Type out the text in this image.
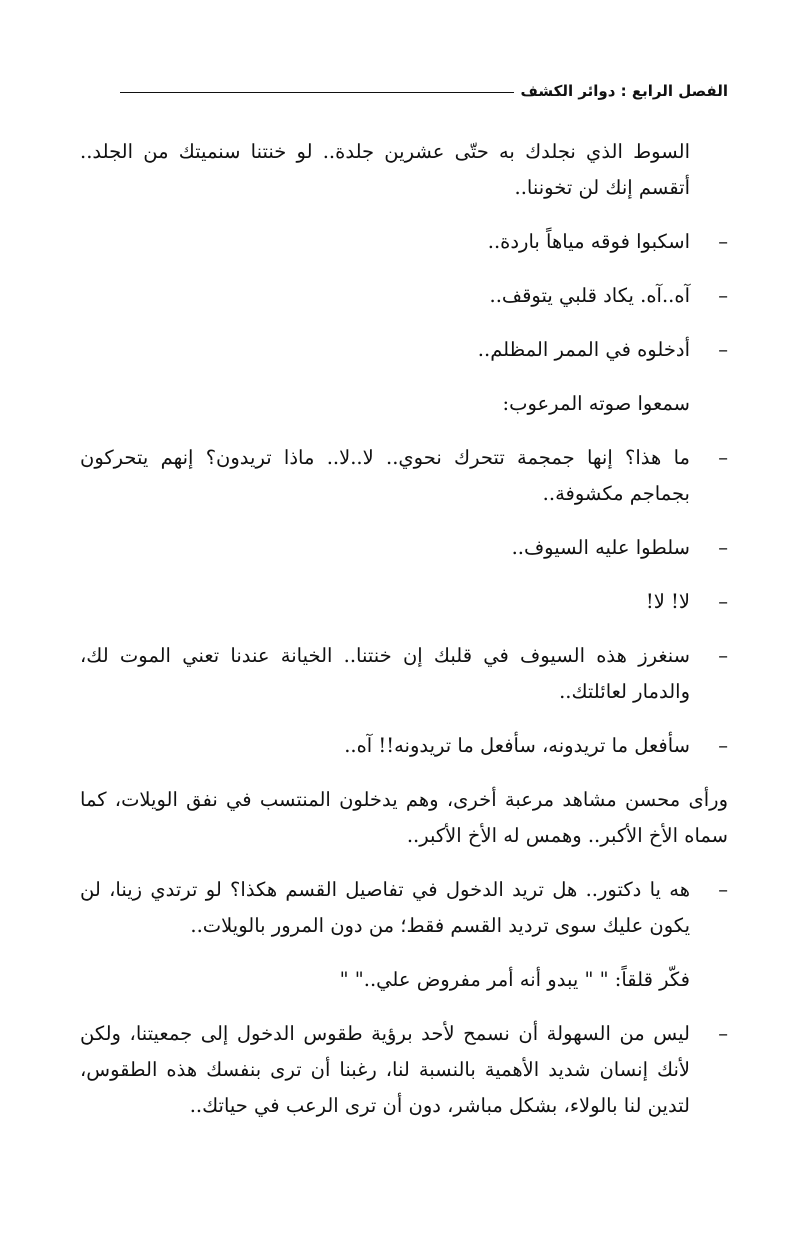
الفصل الرابع : دوائر الكشف

السوط الذي نجلدك به حتّى عشرين جلدة.. لو خنتنا سنميتك من الجلد.. أتقسم إنك لن تخوننا..

–
اسكبوا فوقه مياهاً باردة..
–
آه..آه. يكاد قلبي يتوقف..
–
أدخلوه في الممر المظلم..

سمعوا صوته المرعوب:

–
ما هذا؟ إنها جمجمة تتحرك نحوي.. لا..لا.. ماذا تريدون؟ إنهم يتحركون بجماجم مكشوفة..
–
سلطوا عليه السيوف..
–
لا! لا!
–
سنغرز هذه السيوف في قلبك إن خنتنا.. الخيانة عندنا تعني الموت لك، والدمار لعائلتك..
–
سأفعل ما تريدونه، سأفعل ما تريدونه!! آه..

ورأى محسن مشاهد مرعبة أخرى، وهم يدخلون المنتسب في نفق الويلات، كما سماه الأخ الأكبر.. وهمس له الأخ الأكبر..

–
هه يا دكتور.. هل تريد الدخول في تفاصيل القسم هكذا؟ لو ترتدي زينا، لن يكون عليك سوى ترديد القسم فقط؛ من دون المرور بالويلات..

فكّر قلقاً: " " يبدو أنه أمر مفروض علي.." "

–
ليس من السهولة أن نسمح لأحد برؤية طقوس الدخول إلى جمعيتنا، ولكن لأنك إنسان شديد الأهمية بالنسبة لنا، رغبنا أن ترى بنفسك هذه الطقوس، لتدين لنا بالولاء، بشكل مباشر، دون أن ترى الرعب في حياتك..
